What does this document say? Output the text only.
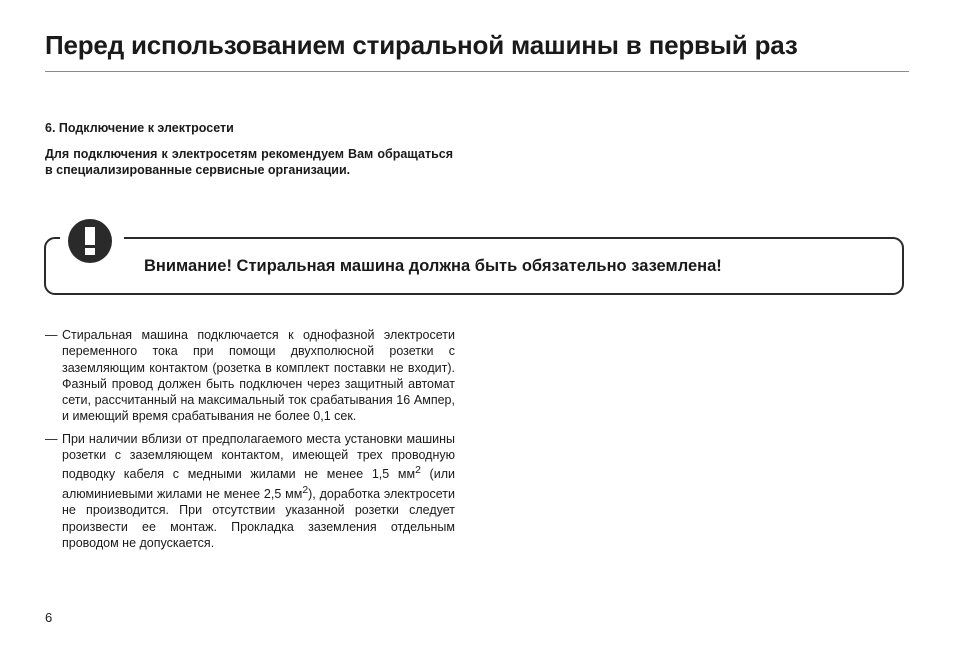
Перед использованием стиральной машины в первый раз

6. Подключение к электросети

Для подключения к электросетям рекомендуем Вам обращаться в специализированные сервисные организации.

Внимание! Стиральная машина должна быть обязательно заземлена!

— Стиральная машина подключается к однофазной электросети переменного тока при помощи двухполюсной розетки с заземляющим контактом (розетка в комплект поставки не входит). Фазный провод должен быть подключен через защитный автомат сети, рассчитанный на максимальный ток срабатывания 16 Ампер, и имеющий время срабатывания не более 0,1 сек.
— При наличии вблизи от предполагаемого места установки машины розетки с заземляющем контактом, имеющей трех проводную подводку кабеля с медными жилами не менее 1,5 $мм^2$ (или алюминиевыми жилами не менее 2,5 $мм^2$), доработка электросети не производится. При отсутствии указанной розетки следует произвести ее монтаж. Прокладка заземления отдельным проводом не допускается.

6
